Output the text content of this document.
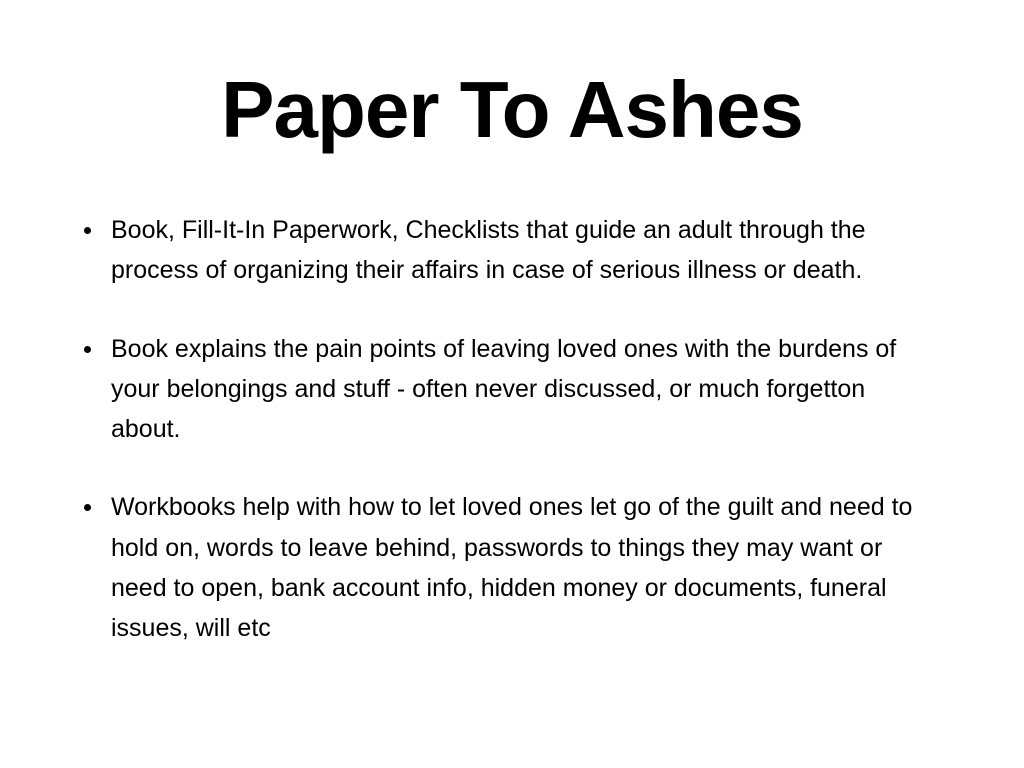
Paper To Ashes
Book, Fill-It-In Paperwork, Checklists that guide an adult through the process of organizing their affairs in case of serious illness or death.
Book explains the pain points of leaving loved ones with the burdens of your belongings and stuff - often never discussed, or much forgetton about.
Workbooks help with how to let loved ones let go of the guilt and need to hold on, words to leave behind, passwords to things they may want or need to open, bank account info, hidden money or documents, funeral issues, will etc
